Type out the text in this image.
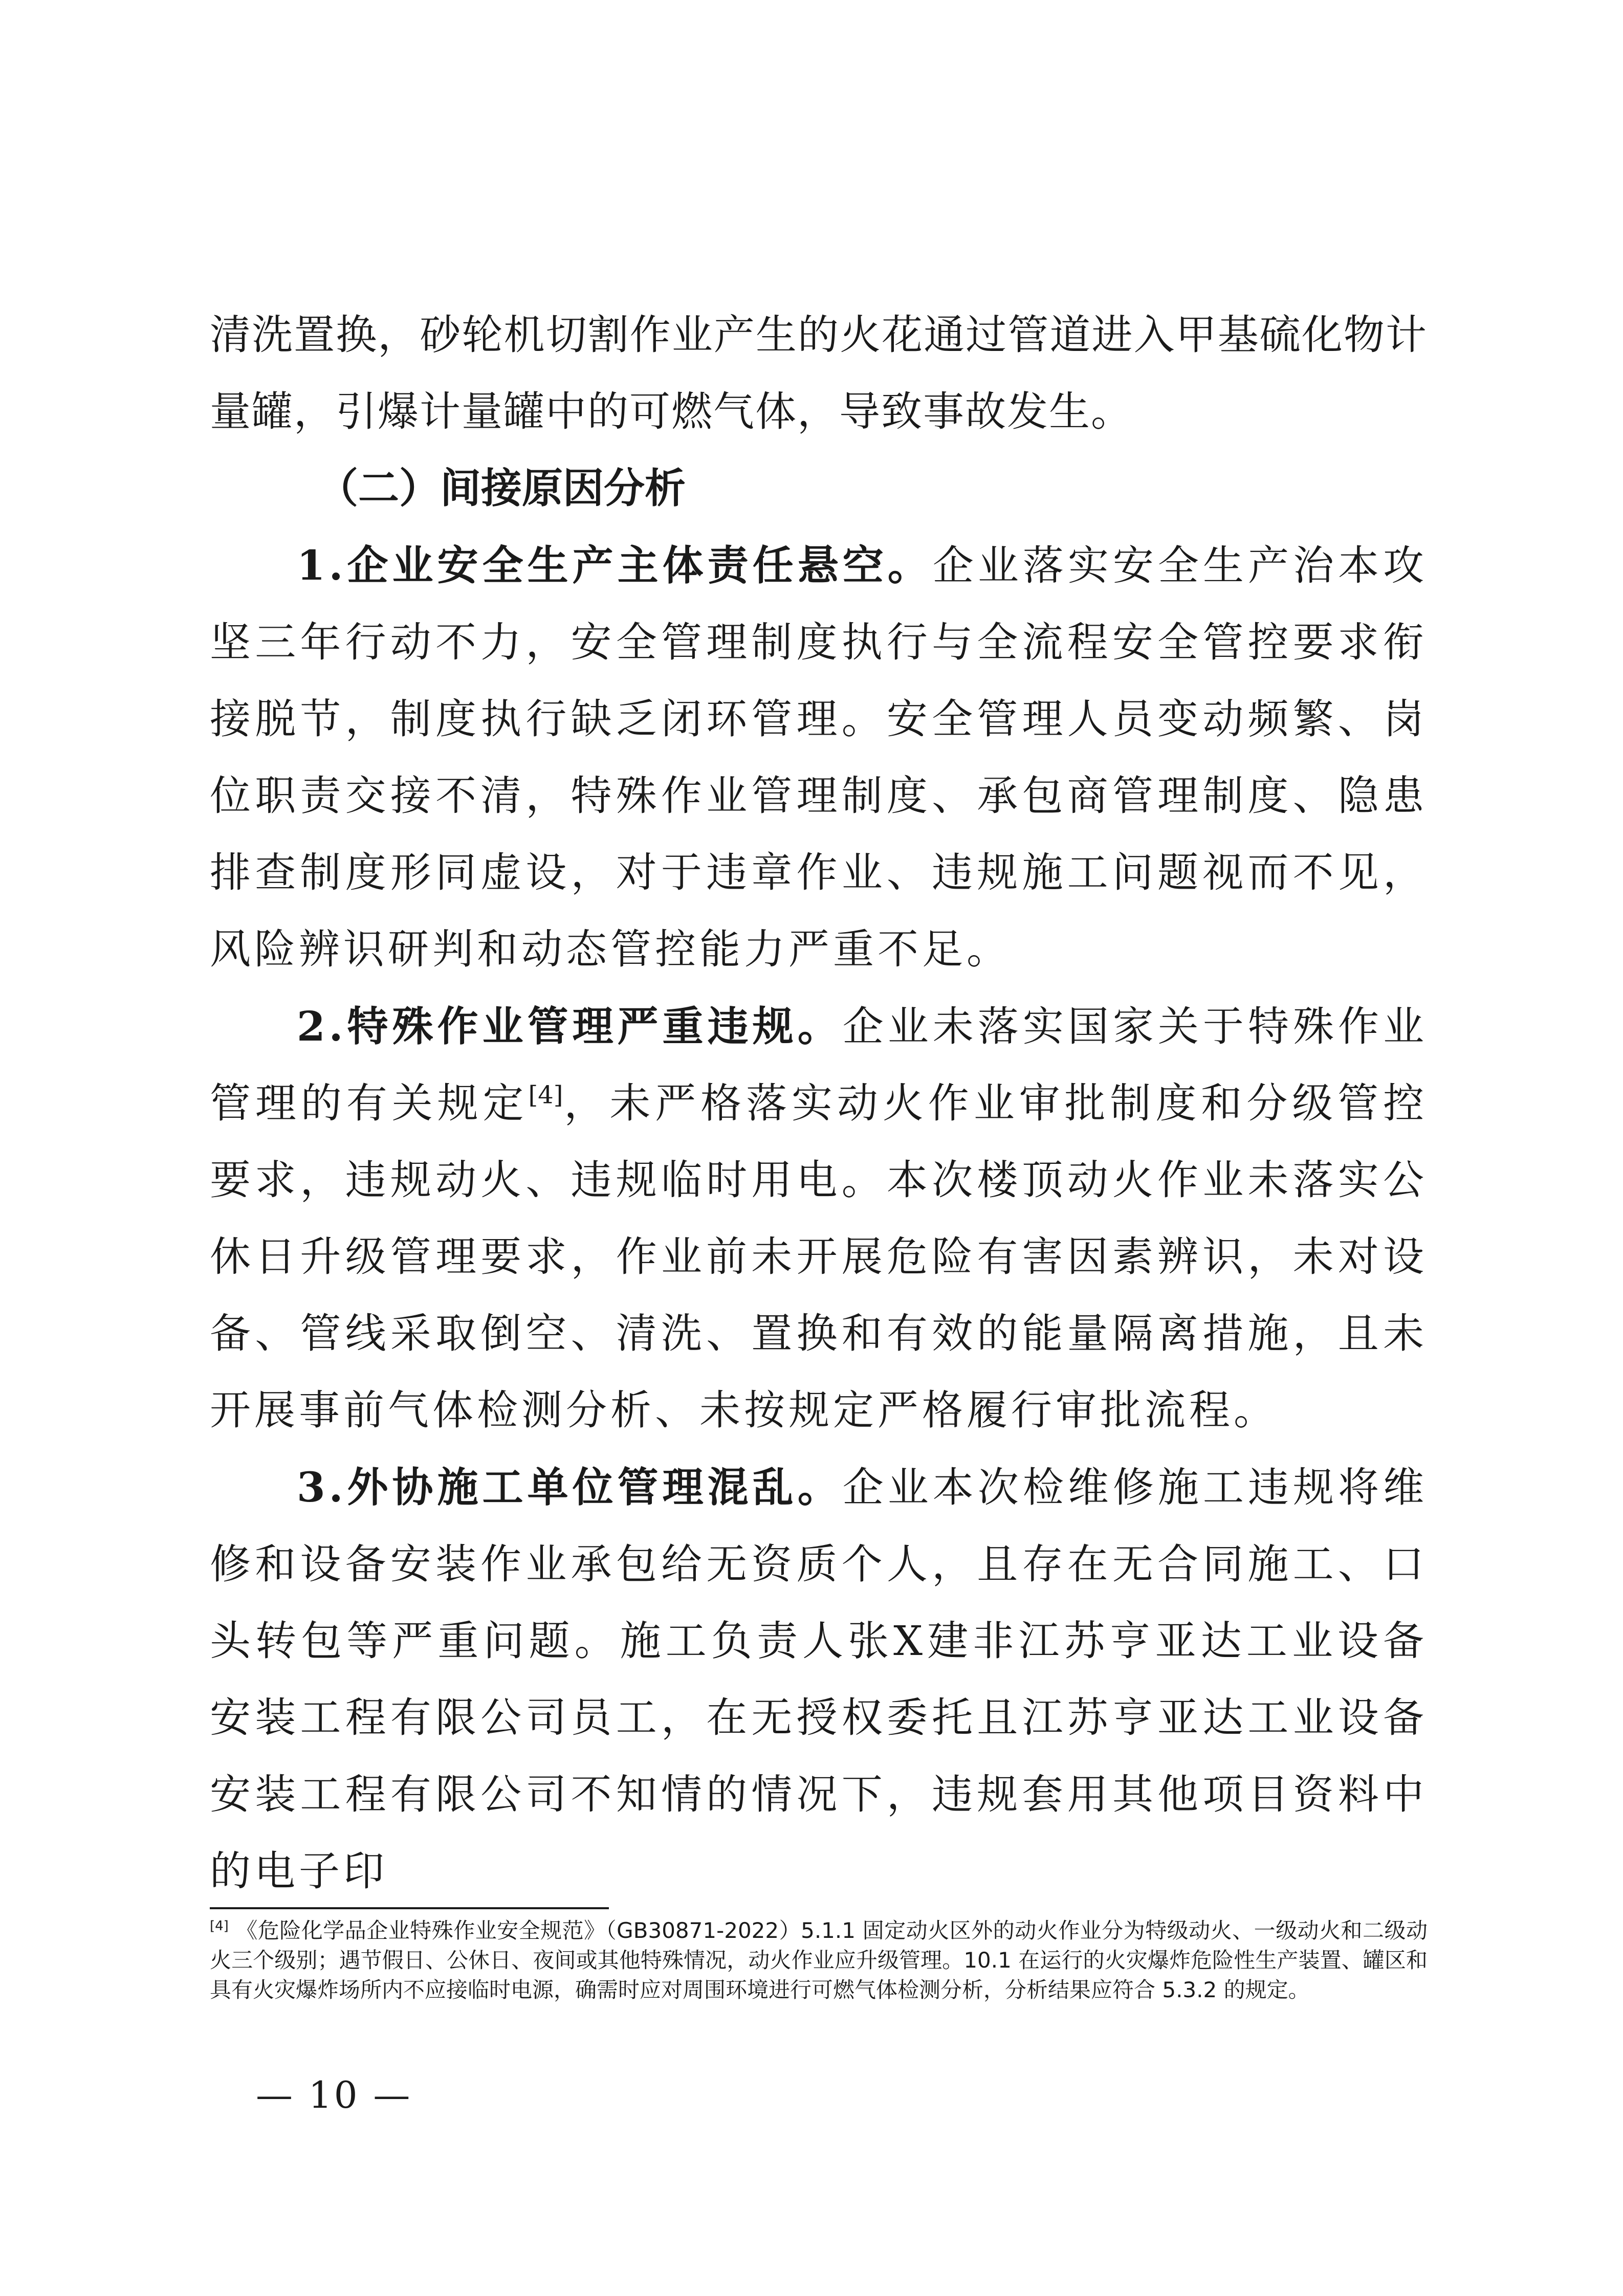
清洗置换，砂轮机切割作业产生的火花通过管道进入甲基硫化物计量罐，引爆计量罐中的可燃气体，导致事故发生。

（二）间接原因分析

1.企业安全生产主体责任悬空。企业落实安全生产治本攻坚三年行动不力，安全管理制度执行与全流程安全管控要求衔接脱节，制度执行缺乏闭环管理。安全管理人员变动频繁、岗位职责交接不清，特殊作业管理制度、承包商管理制度、隐患排查制度形同虚设，对于违章作业、违规施工问题视而不见，风险辨识研判和动态管控能力严重不足。

2.特殊作业管理严重违规。企业未落实国家关于特殊作业管理的有关规定[4]，未严格落实动火作业审批制度和分级管控要求，违规动火、违规临时用电。本次楼顶动火作业未落实公休日升级管理要求，作业前未开展危险有害因素辨识，未对设备、管线采取倒空、清洗、置换和有效的能量隔离措施，且未开展事前气体检测分析、未按规定严格履行审批流程。

3.外协施工单位管理混乱。企业本次检维修施工违规将维修和设备安装作业承包给无资质个人，且存在无合同施工、口头转包等严重问题。施工负责人张X建非江苏亨亚达工业设备安装工程有限公司员工，在无授权委托且江苏亨亚达工业设备安装工程有限公司不知情的情况下，违规套用其他项目资料中的电子印

[4] 《危险化学品企业特殊作业安全规范》（GB30871-2022）5.1.1 固定动火区外的动火作业分为特级动火、一级动火和二级动火三个级别；遇节假日、公休日、夜间或其他特殊情况，动火作业应升级管理。10.1 在运行的火灾爆炸危险性生产装置、罐区和具有火灾爆炸场所内不应接临时电源，确需时应对周围环境进行可燃气体检测分析，分析结果应符合 5.3.2 的规定。

— 10 —
